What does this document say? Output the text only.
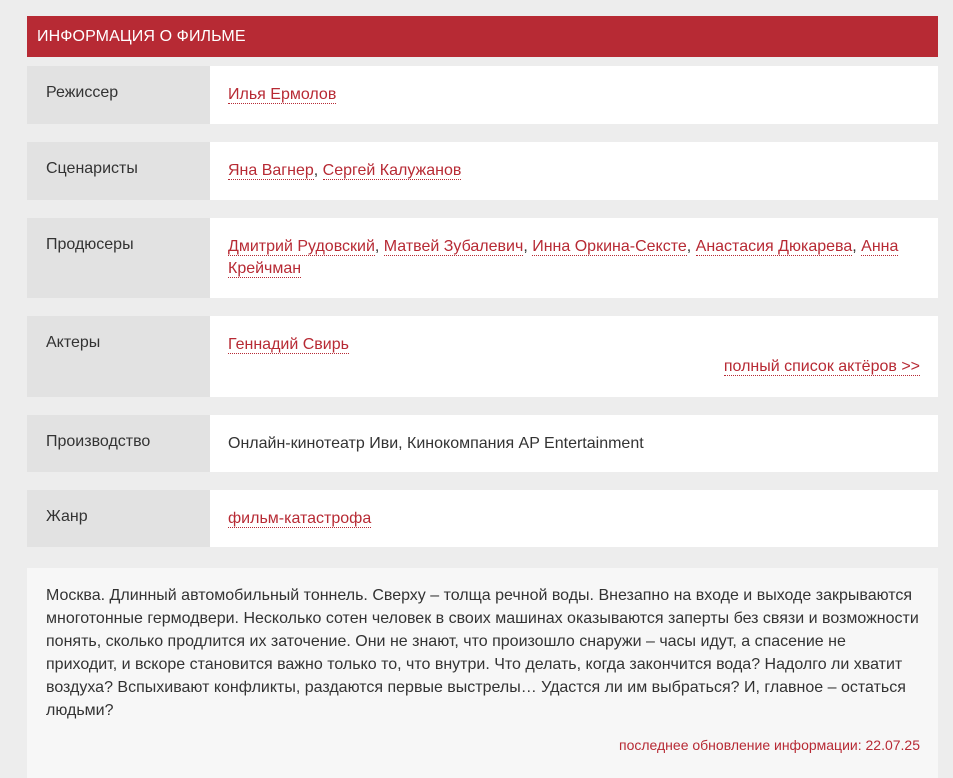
ИНФОРМАЦИЯ О ФИЛЬМЕ
Режиссер	Илья Ермолов
Сценаристы	Яна Вагнер, Сергей Калужанов
Продюсеры	Дмитрий Рудовский, Матвей Зубалевич, Инна Оркина-Сексте, Анастасия Дюкарева, Анна Крейчман
Актеры	Геннадий Свирь
полный список актёров >>
Производство	Онлайн-кинотеатр Иви, Кинокомпания AP Entertainment
Жанр	фильм-катастрофа
Москва. Длинный автомобильный тоннель. Сверху – толща речной воды. Внезапно на входе и выходе закрываются многотонные гермодвери. Несколько сотен человек в своих машинах оказываются заперты без связи и возможности понять, сколько продлится их заточение. Они не знают, что произошло снаружи – часы идут, а спасение не приходит, и вскоре становится важно только то, что внутри. Что делать, когда закончится вода? Надолго ли хватит воздуха? Вспыхивают конфликты, раздаются первые выстрелы… Удастся ли им выбраться? И, главное – остаться людьми?
последнее обновление информации: 22.07.25
